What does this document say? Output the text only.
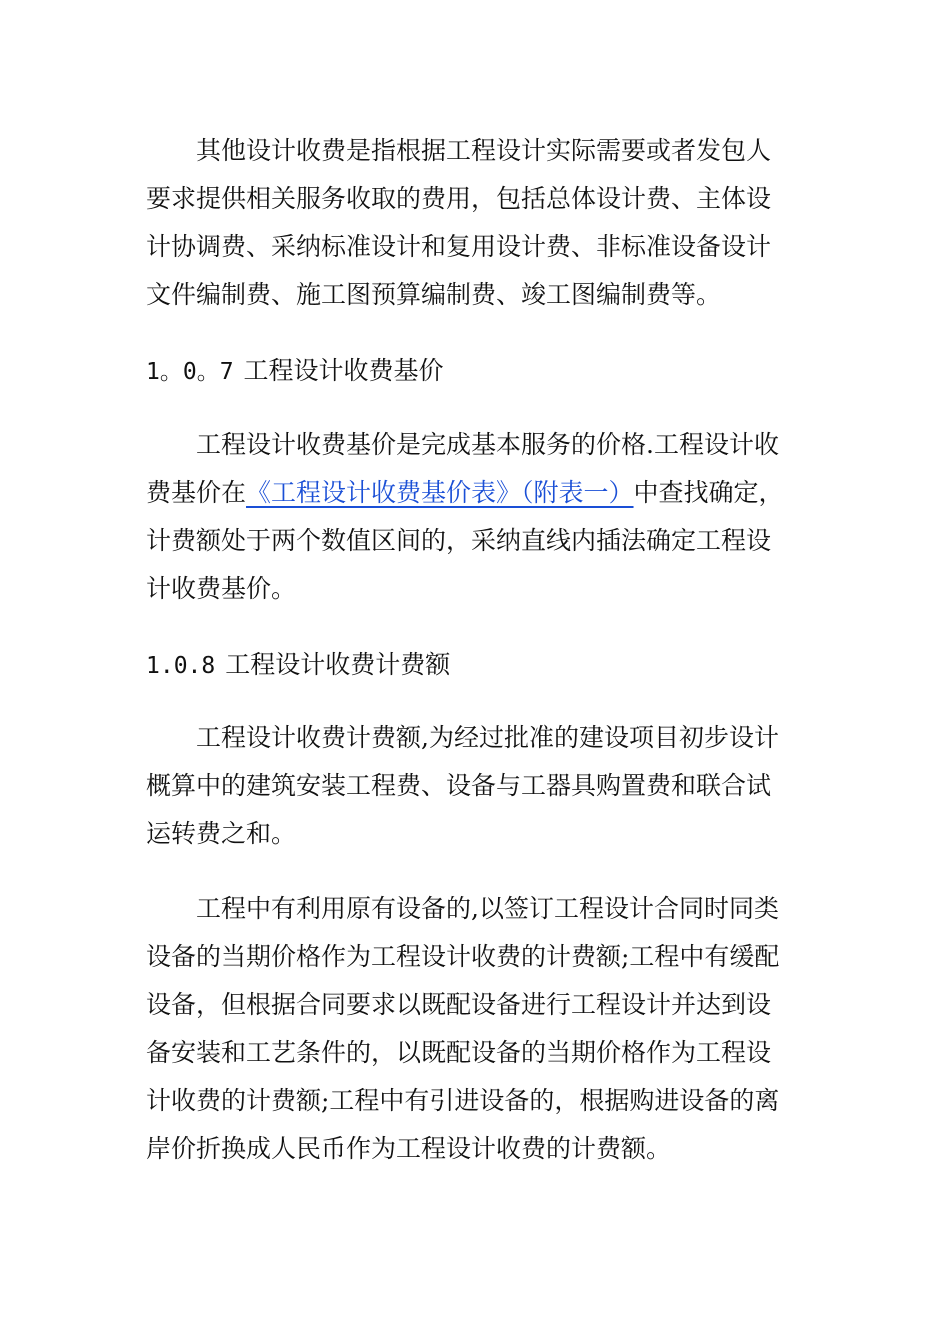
其他设计收费是指根据工程设计实际需要或者发包人
要求提供相关服务收取的费用，包括总体设计费、主体设
计协调费、采纳标准设计和复用设计费、非标准设备设计
文件编制费、施工图预算编制费、竣工图编制费等。

1。0。7 工程设计收费基价

工程设计收费基价是完成基本服务的价格.工程设计收
费基价在《工程设计收费基价表》（附表一）中查找确定，
计费额处于两个数值区间的，采纳直线内插法确定工程设
计收费基价。

1.0.8 工程设计收费计费额

工程设计收费计费额,为经过批准的建设项目初步设计
概算中的建筑安装工程费、设备与工器具购置费和联合试
运转费之和。

工程中有利用原有设备的,以签订工程设计合同时同类
设备的当期价格作为工程设计收费的计费额;工程中有缓配
设备，但根据合同要求以既配设备进行工程设计并达到设
备安装和工艺条件的，以既配设备的当期价格作为工程设
计收费的计费额;工程中有引进设备的，根据购进设备的离
岸价折换成人民币作为工程设计收费的计费额。
